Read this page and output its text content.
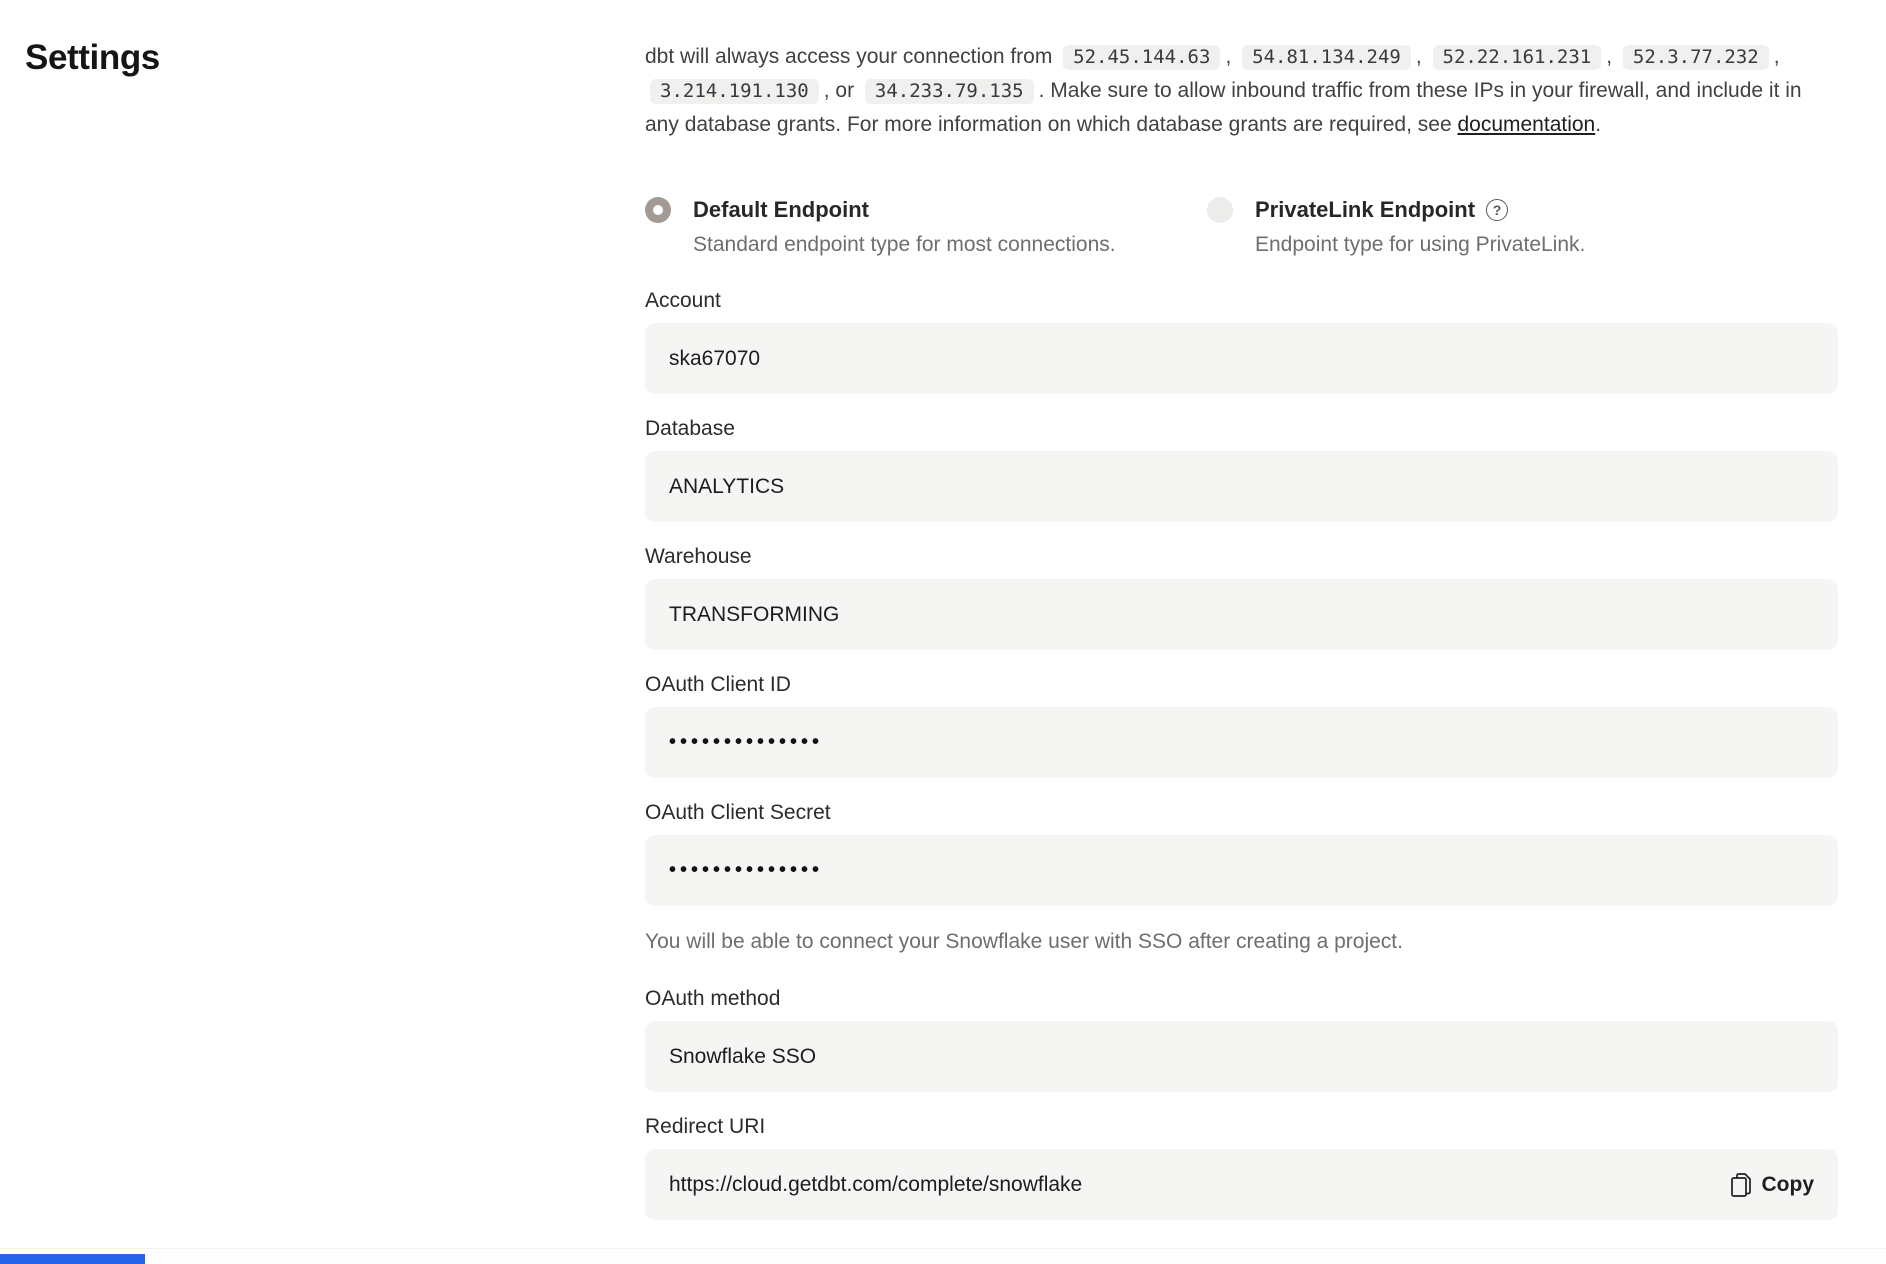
Settings	dbt will always access your connection from 52.45.144.63 , 54.81.134.249 , 52.22.161.231 , 52.3.77.232 , 3.214.191.130 , or 34.233.79.135 . Make sure to allow inbound traffic from these IPs in your firewall, and include it in any database grants. For more information on which database grants are required, see documentation.

Default Endpoint
Standard endpoint type for most connections.
PrivateLink Endpoint	?
Endpoint type for using PrivateLink.
Account
ska67070
Database
ANALYTICS
Warehouse
TRANSFORMING
OAuth Client ID
••••••••••••••
OAuth Client Secret
••••••••••••••

You will be able to connect your Snowflake user with SSO after creating a project.

OAuth method
Snowflake SSO
Redirect URI
https://cloud.getdbt.com/complete/snowflake	Copy
